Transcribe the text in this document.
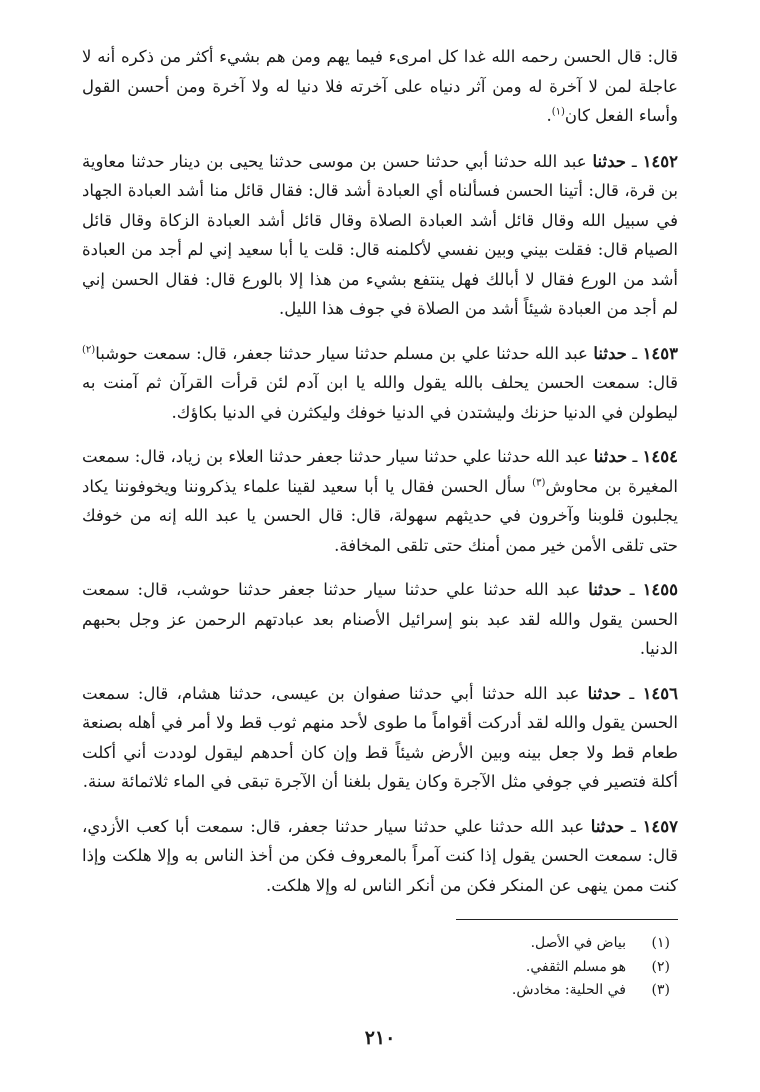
قال: قال الحسن رحمه الله غدا كل امرىء فيما يهم ومن هم بشيء أكثر من ذكره أنه لا عاجلة لمن لا آخرة له ومن آثر دنياه على آخرته فلا دنيا له ولا آخرة ومن أحسن القول وأساء الفعل كان$^{(١)}$.

١٤٥٢ ـ حدثنا عبد الله حدثنا أبي حدثنا حسن بن موسى حدثنا يحيى بن دينار حدثنا معاوية بن قرة، قال: أتينا الحسن فسألناه أي العبادة أشد قال: فقال قائل منا أشد العبادة الجهاد في سبيل الله وقال قائل أشد العبادة الصلاة وقال قائل أشد العبادة الزكاة وقال قائل الصيام قال: فقلت بيني وبين نفسي لأكلمنه قال: قلت يا أبا سعيد إني لم أجد من العبادة أشد من الورع فقال لا أبالك فهل ينتفع بشيء من هذا إلا بالورع قال: فقال الحسن إني لم أجد من العبادة شيئاً أشد من الصلاة في جوف هذا الليل.

١٤٥٣ ـ حدثنا عبد الله حدثنا علي بن مسلم حدثنا سيار حدثنا جعفر، قال: سمعت حوشبا$^{(٢)}$ قال: سمعت الحسن يحلف بالله يقول والله يا ابن آدم لئن قرأت القرآن ثم آمنت به ليطولن في الدنيا حزنك وليشتدن في الدنيا خوفك وليكثرن في الدنيا بكاؤك.

١٤٥٤ ـ حدثنا عبد الله حدثنا علي حدثنا سيار حدثنا جعفر حدثنا العلاء بن زياد، قال: سمعت المغيرة بن محاوش$^{(٣)}$ سأل الحسن فقال يا أبا سعيد لقينا علماء يذكروننا ويخوفوننا يكاد يجلبون قلوبنا وآخرون في حديثهم سهولة، قال: قال الحسن يا عبد الله إنه من خوفك حتى تلقى الأمن خير ممن أمنك حتى تلقى المخافة.

١٤٥٥ ـ حدثنا عبد الله حدثنا علي حدثنا سيار حدثنا جعفر حدثنا حوشب، قال: سمعت الحسن يقول والله لقد عبد بنو إسرائيل الأصنام بعد عبادتهم الرحمن عز وجل بحبهم الدنيا.

١٤٥٦ ـ حدثنا عبد الله حدثنا أبي حدثنا صفوان بن عيسى، حدثنا هشام، قال: سمعت الحسن يقول والله لقد أدركت أقواماً ما طوى لأحد منهم ثوب قط ولا أمر في أهله بصنعة طعام قط ولا جعل بينه وبين الأرض شيئاً قط وإن كان أحدهم ليقول لوددت أني أكلت أكلة فتصير في جوفي مثل الآجرة وكان يقول بلغنا أن الآجرة تبقى في الماء ثلاثمائة سنة.

١٤٥٧ ـ حدثنا عبد الله حدثنا علي حدثنا سيار حدثنا جعفر، قال: سمعت أبا كعب الأزدي، قال: سمعت الحسن يقول إذا كنت آمراً بالمعروف فكن من أخذ الناس به وإلا هلكت وإذا كنت ممن ينهى عن المنكر فكن من أنكر الناس له وإلا هلكت.

(١)بياض في الأصل.

(٢)هو مسلم الثقفي.

(٣)في الحلية: مخادش.

٢١٠
